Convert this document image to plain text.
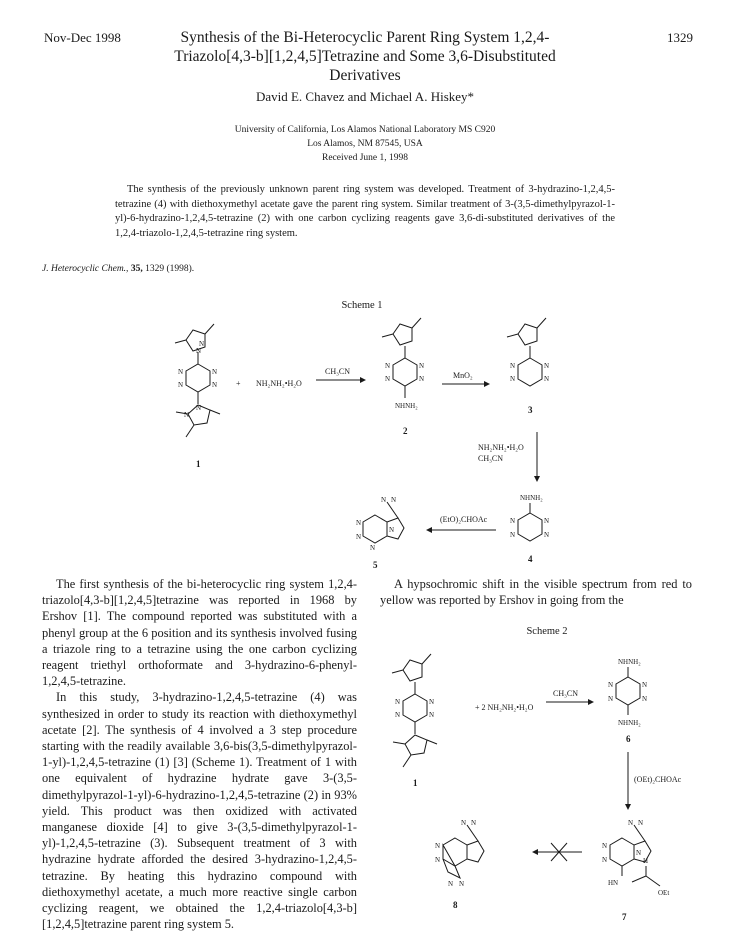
Nov-Dec 1998	1329
Synthesis of the Bi-Heterocyclic Parent Ring System 1,2,4-Triazolo[4,3-b][1,2,4,5]Tetrazine and Some 3,6-Disubstituted Derivatives
David E. Chavez and Michael A. Hiskey*
University of California, Los Alamos National Laboratory MS C920
Los Alamos, NM 87545, USA
Received June 1, 1998
The synthesis of the previously unknown parent ring system was developed. Treatment of 3-hydrazino-1,2,4,5-tetrazine (4) with diethoxymethyl acetate gave the parent ring system. Similar treatment of 3-(3,5-dimethylpyrazol-1-yl)-6-hydrazino-1,2,4,5-tetrazine (2) with one carbon cyclizing reagents gave 3,6-di-substituted derivatives of the 1,2,4-triazolo-1,2,4,5-tetrazine ring system.
J. Heterocyclic Chem., 35, 1329 (1998).
Scheme 1
N
N
N	N
N	N
N
N
1
+ NH₂NH₂•H₂O
CH₃CN
N	N
N	N
NHNH₂
2
MnO₂
N	N
N	N
3
NH₂NH₂•H₂O
CH₃CN
NHNH₂
N	N
N	N
4
(EtO)₂CHOAc
N N
N
N
N
N
5

The first synthesis of the bi-heterocyclic ring system 1,2,4-triazolo[4,3-b][1,2,4,5]tetrazine was reported in 1968 by Ershov [1]. The compound reported was substituted with a phenyl group at the 6 position and its synthesis involved fusing a triazole ring to a tetrazine using the one carbon cyclizing reagent triethyl orthoformate and 3-hydrazino-6-phenyl-1,2,4,5-tetrazine.

In this study, 3-hydrazino-1,2,4,5-tetrazine (4) was synthesized in order to study its reaction with diethoxymethyl acetate [2]. The synthesis of 4 involved a 3 step procedure starting with the readily available 3,6-bis(3,5-dimethylpyrazol-1-yl)-1,2,4,5-tetrazine (1) [3] (Scheme 1). Treatment of 1 with one equivalent of hydrazine hydrate gave 3-(3,5-dimethylpyrazol-1-yl)-6-hydrazino-1,2,4,5-tetrazine (2) in 93% yield. This product was then oxidized with activated manganese dioxide [4] to give 3-(3,5-dimethylpyrazol-1-yl)-1,2,4,5-tetrazine (3). Subsequent treatment of 3 with hydrazine hydrate afforded the desired 3-hydrazino-1,2,4,5-tetrazine. By heating this hydrazino compound with diethoxymethyl acetate, a much more reactive single carbon cyclizing reagent, we obtained the 1,2,4-triazolo[4,3-b][1,2,4,5]tetrazine parent ring system 5.

A hypsochromic shift in the visible spectrum from red to yellow was reported by Ershov in going from the

Scheme 2
N	N
N	N
1
+ 2 NH₂NH₂•H₂O
CH₃CN
NHNH₂
N	N
N	N
NHNH₂
6
(OEt)₂CHOAc
N N
N
N
N
HN
H
OEt
7
N N
N
N
N N
8
